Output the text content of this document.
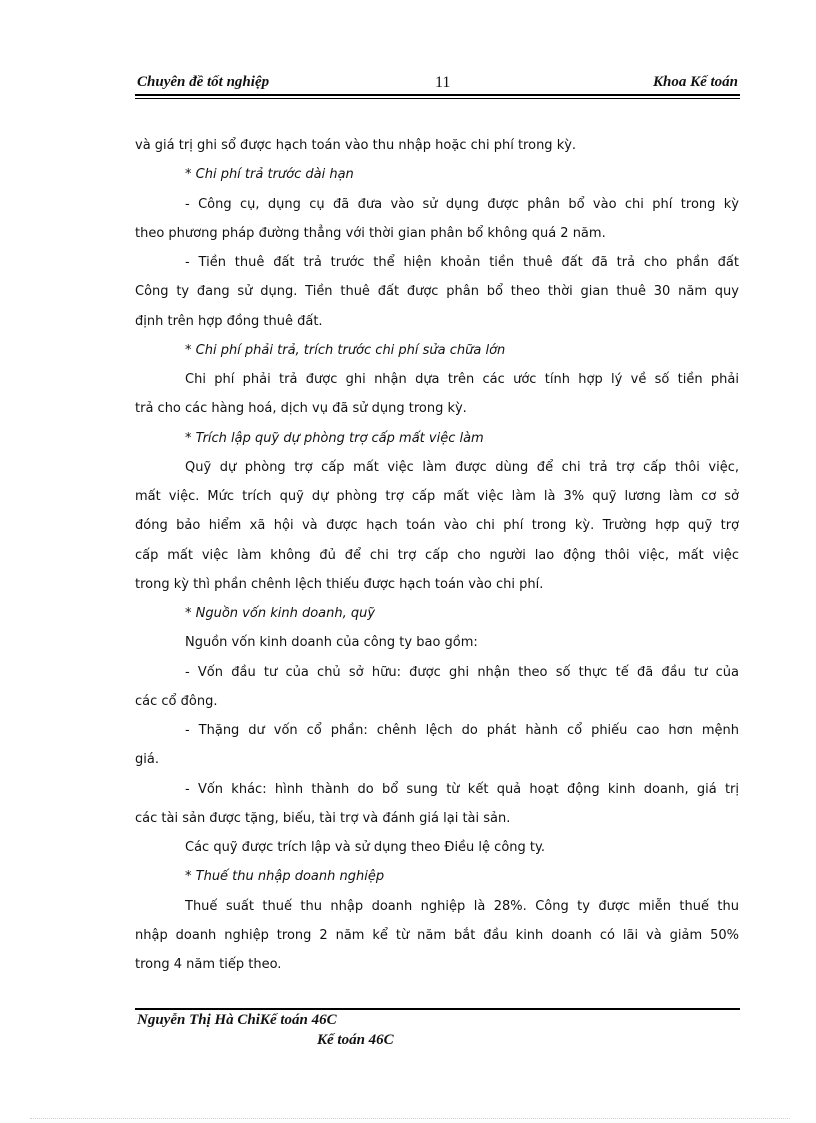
Chuyên đề tốt nghiệp	11	Khoa Kế toán
và giá trị ghi sổ được hạch toán vào thu nhập hoặc chi phí trong kỳ.
* Chi phí trả trước dài hạn
- Công cụ, dụng cụ đã đưa vào sử dụng được phân bổ vào chi phí trong kỳ
theo phương pháp đường thẳng với thời gian phân bổ không quá 2 năm.
- Tiền thuê đất trả trước thể hiện khoản tiền thuê đất đã trả cho phần đất
Công ty đang sử dụng. Tiền thuê đất được phân bổ theo thời gian thuê 30 năm quy
định trên hợp đồng thuê đất.
* Chi phí phải trả, trích trước chi phí sửa chữa lớn
Chi phí phải trả được ghi nhận dựa trên các ước tính hợp lý về số tiền phải
trả cho các hàng hoá, dịch vụ đã sử dụng trong kỳ.
* Trích lập quỹ dự phòng trợ cấp mất việc làm
Quỹ dự phòng trợ cấp mất việc làm được dùng để chi trả trợ cấp thôi việc,
mất việc. Mức trích quỹ dự phòng trợ cấp mất việc làm là 3% quỹ lương làm cơ sở
đóng bảo hiểm xã hội và được hạch toán vào chi phí trong kỳ. Trường hợp quỹ trợ
cấp mất việc làm không đủ để chi trợ cấp cho người lao động thôi việc, mất việc
trong kỳ thì phần chênh lệch thiếu được hạch toán vào chi phí.
* Nguồn vốn kinh doanh, quỹ
Nguồn vốn kinh doanh của công ty bao gồm:
- Vốn đầu tư của chủ sở hữu: được ghi nhận theo số thực tế đã đầu tư của
các cổ đông.
- Thặng dư vốn cổ phần: chênh lệch do phát hành cổ phiếu cao hơn mệnh
giá.
- Vốn khác: hình thành do bổ sung từ kết quả hoạt động kinh doanh, giá trị
các tài sản được tặng, biếu, tài trợ và đánh giá lại tài sản.
Các quỹ được trích lập và sử dụng theo Điều lệ công ty.
* Thuế thu nhập doanh nghiệp
Thuế suất thuế thu nhập doanh nghiệp là 28%. Công ty được miễn thuế thu
nhập doanh nghiệp trong 2 năm kể từ năm bắt đầu kinh doanh có lãi và giảm 50%
trong 4 năm tiếp theo.
Nguyễn Thị Hà ChiKế toán 46C
Kế toán 46C
